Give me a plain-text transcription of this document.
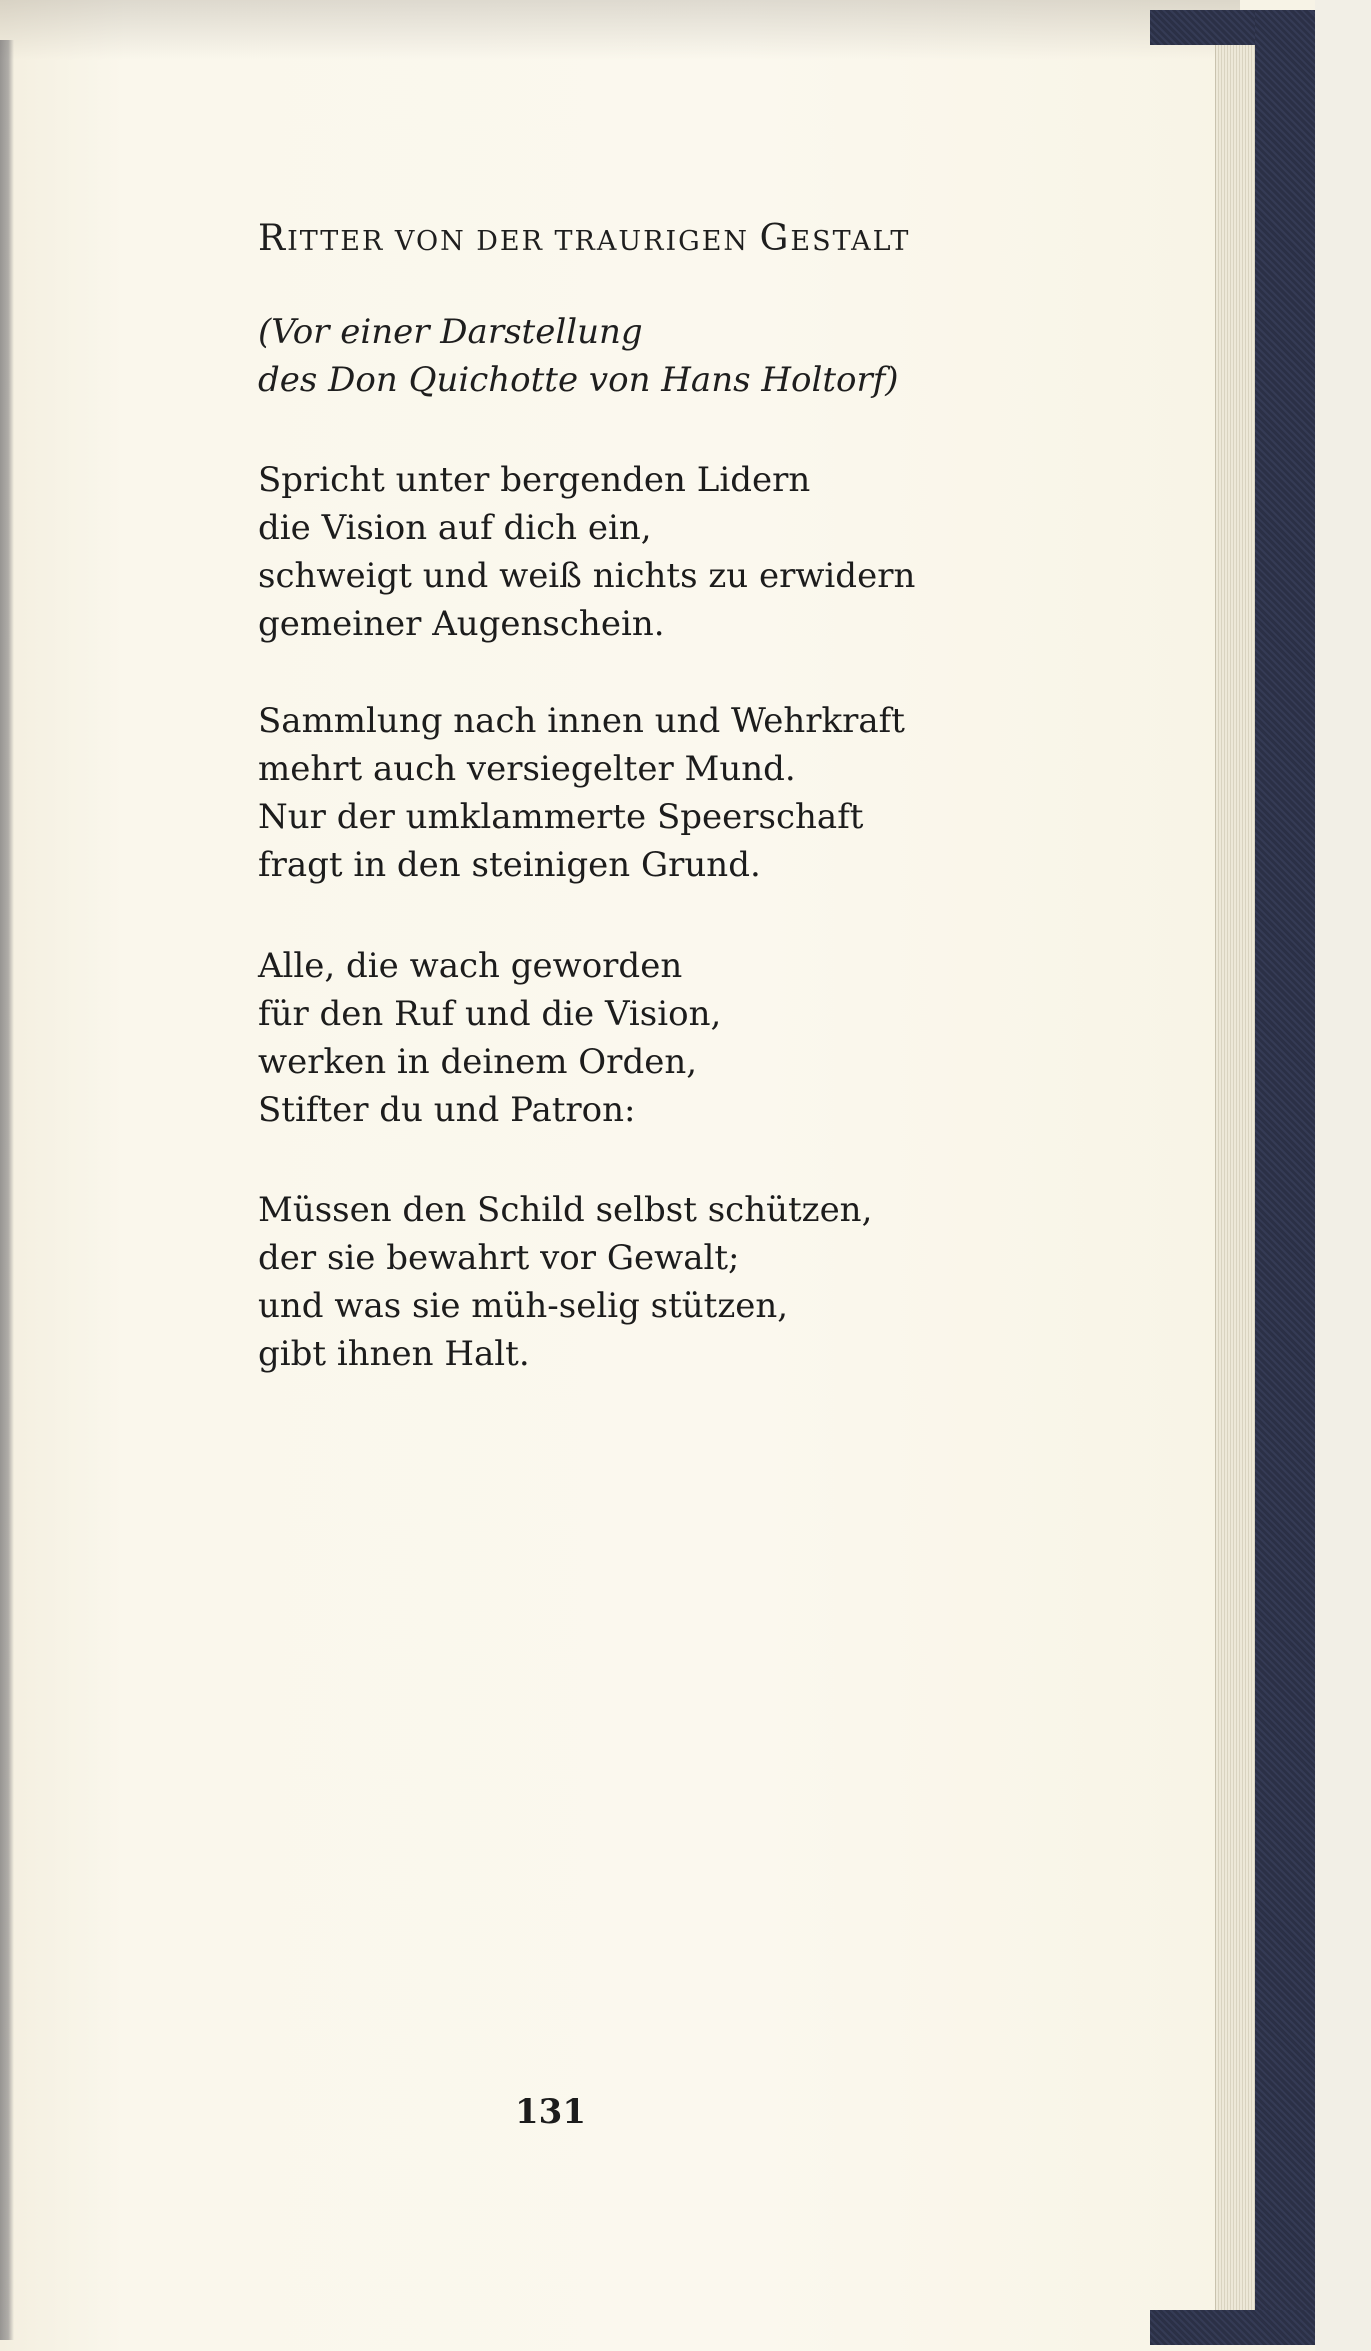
RITTER VON DER TRAURIGEN GESTALT
(Vor einer Darstellung
des Don Quichotte von Hans Holtorf)
Spricht unter bergenden Lidern
die Vision auf dich ein,
schweigt und weiß nichts zu erwidern
gemeiner Augenschein.
Sammlung nach innen und Wehrkraft
mehrt auch versiegelter Mund.
Nur der umklammerte Speerschaft
fragt in den steinigen Grund.
Alle, die wach geworden
für den Ruf und die Vision,
werken in deinem Orden,
Stifter du und Patron:
Müssen den Schild selbst schützen,
der sie bewahrt vor Gewalt;
und was sie müh-selig stützen,
gibt ihnen Halt.
131
